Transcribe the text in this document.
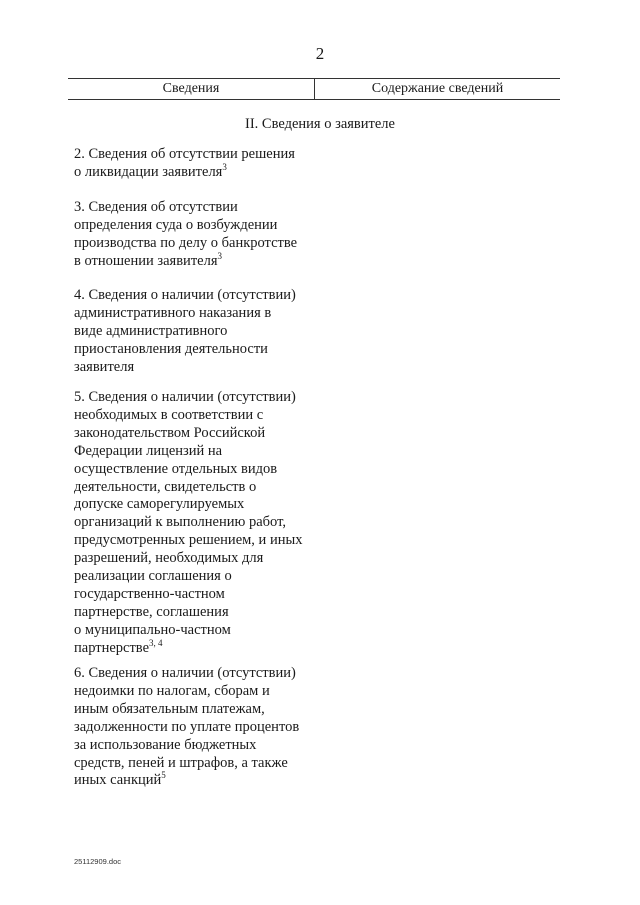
2
Сведения	Содержание сведений
II. Сведения о заявителе
2. Сведения об отсутствии решения
о ликвидации заявителя$^3$
3. Сведения об отсутствии
определения суда о возбуждении
производства по делу о банкротстве
в отношении заявителя$^3$
4. Сведения о наличии (отсутствии)
административного наказания в
виде административного
приостановления деятельности
заявителя
5. Сведения о наличии (отсутствии)
необходимых в соответствии с
законодательством Российской
Федерации лицензий на
осуществление отдельных видов
деятельности, свидетельств о
допуске саморегулируемых
организаций к выполнению работ,
предусмотренных решением, и иных
разрешений, необходимых для
реализации соглашения о
государственно-частном
партнерстве, соглашения
о муниципально-частном
партнерстве$^{3, 4}$
6. Сведения о наличии (отсутствии)
недоимки по налогам, сборам и
иным обязательным платежам,
задолженности по уплате процентов
за использование бюджетных
средств, пеней и штрафов, а также
иных санкций$^5$
25112909.doc
